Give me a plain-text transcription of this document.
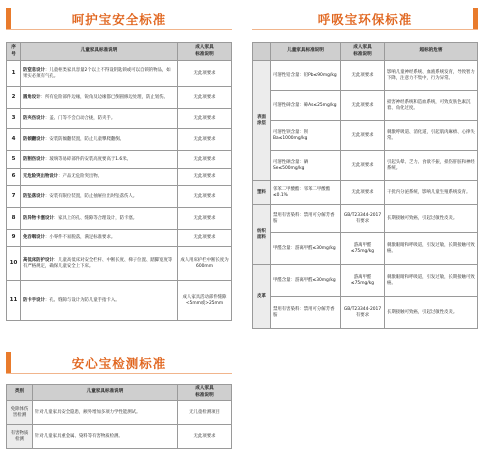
呵护宝安全标准
序号	儿童家具标准说明	成人家具
标准说明
1	防窒息设计：儿童柜类家具容量2个以上不得设钥匙锁或可以自锁的物品，如果实必须有气孔。	无此项要求
2	圆角设计：所有危险部件边缘，锐角及边缘都已倒圆修边处理，防止划伤。	无此项要求
3	防夹伤设计：盖、门等不会自动合拢，防夹手。	无此项要求
4	防倾翻设计：安装防倾翻装置，防止儿童攀爬翻倒。	无此项要求
5	防割伤设计：玻璃等易碎部件的安装高度要高于1.6米。	无此项要求
6	无危险突出物设计：产品无危险突出物。	无此项要求
7	防坠落设计：安装有限位装置，防止抽屉拉出时坠落伤人。	无此项要求
8	防异物卡塞设计：家具上的孔、缝隙等合理设计，防卡塞。	无此项要求
9	免吞咽设计：小零件不易脱落，满足标准要求。	无此项要求
10	高低床防护设计：儿童高低床对安全栏杆、中断长度、梯子位置、踏脚宽度等有严格规定，确保儿童安全上下床。	成人用床护栏中断长度为600mm
11	防卡手设计：孔、缝隙与设计为防儿童手指卡入。	成人家具活动部件缝隙<5mm或>25mm
呼吸宝环保标准
	儿童家具标准说明	成人家具
标准说明	超标的危害
表面涂层	可溶性铅含量：铅Pb≤90mg/kg	无此项要求	影响儿童神经系统、血液系统发育，导致智力下降，注意力不集中，行为异常。
	可溶性砷含量：砷As≤25mg/kg	无此项要求	损害神经系统和造血系统，可致皮肤色素沉着、角化过度。
	可溶性钡含量：钡Ba≤1000mg/kg	无此项要求	刺激呼吸道、消化道，引起肌肉麻痹、心律失常。
	可溶性硒含量：硒Se≤500mg/kg	无此项要求	引起头晕、乏力、食欲不振，损伤肝脏和神经系统。
塑料	邻苯二甲酸酯：邻苯二甲酸酯≤0.1%	无此项要求	干扰内分泌系统，影响儿童生殖系统发育。
纺织面料	禁用有害染料：禁用可分解芳香胺	GB/T23344-2017有要求	长期接触可致癌，引起过敏性皮炎。
	甲醛含量：游离甲醛≤30mg/kg	游离甲醛≤75mg/kg	刺激眼睛和呼吸道，引发过敏，长期接触可致癌。
皮革	甲醛含量：游离甲醛≤30mg/kg	游离甲醛≤75mg/kg	刺激眼睛和呼吸道，引发过敏，长期接触可致癌。
	禁用有害染料：禁用可分解芳香胺	GB/T23344-2017有要求	长期接触可致癌，引起过敏性皮炎。
安心宝检测标准
类别	儿童家具标准说明	成人家具
标准说明
免除体伤害检测	针对儿童家具安全隐患，额外增加多项力学性能测试。	无儿童检测项目
有害物质检测	针对儿童家具重金属、染料等有害物质检测。	无此项要求
